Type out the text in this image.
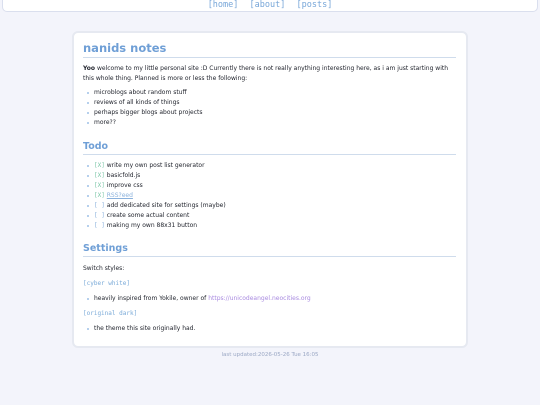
[home] [about] [posts]
nanids notes

Yoo welcome to my little personal site :D Currently there is not really anything interesting here, as i am just starting with this whole thing. Planned is more or less the following:

microblogs about random stuff
reviews of all kinds of things
perhaps bigger blogs about projects
more??
Todo
[X] write my own post list generator
[X] basicfold.js
[X] improve css
[X] RSS?eed
[ ] add dedicated site for settings (maybe)
[ ] create some actual content
[ ] making my own 88x31 button
Settings

Switch styles:

[cyber white]

heavily inspired from Yokile, owner of https://unicodeangel.neocities.org

[original dark]

the theme this site originally had.
last updated:2026-05-26 Tue 16:05
